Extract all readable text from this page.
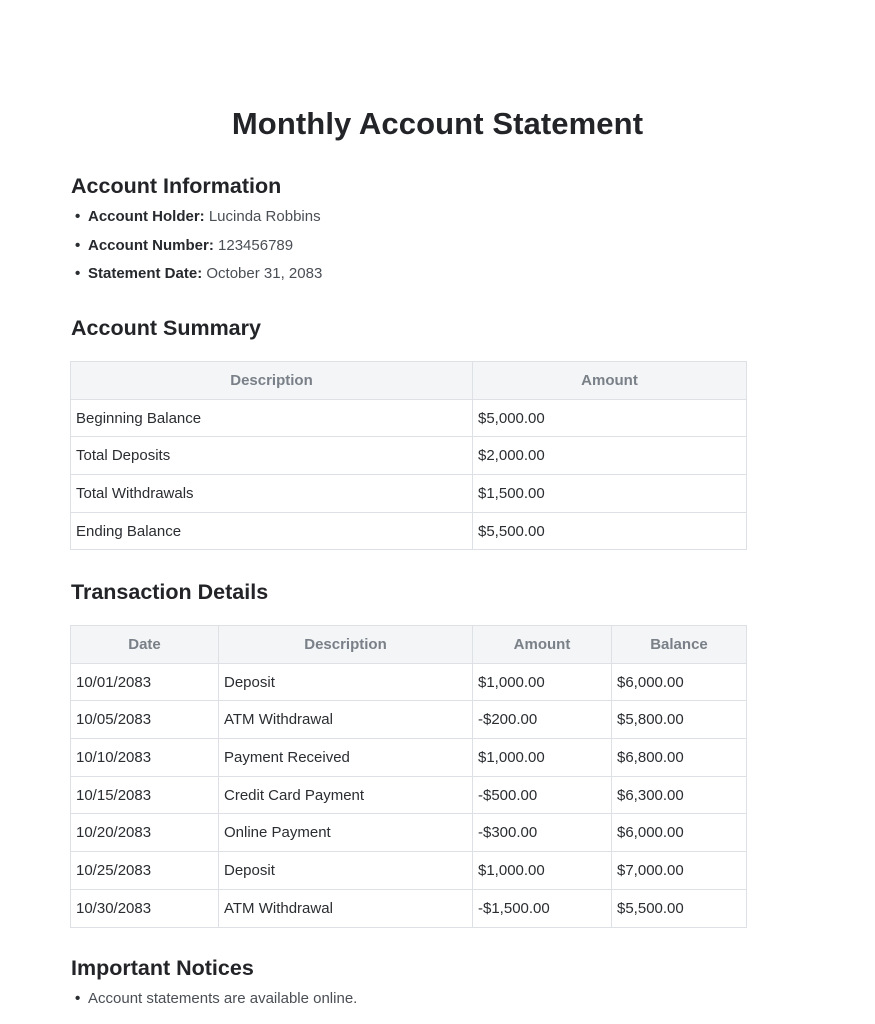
Monthly Account Statement
Account Information
• Account Holder: Lucinda Robbins
• Account Number: 123456789
• Statement Date: October 31, 2083
Account Summary
Description	Amount
Beginning Balance	$5,000.00
Total Deposits	$2,000.00
Total Withdrawals	$1,500.00
Ending Balance	$5,500.00
Transaction Details
Date	Description	Amount	Balance
10/01/2083	Deposit	$1,000.00	$6,000.00
10/05/2083	ATM Withdrawal	-$200.00	$5,800.00
10/10/2083	Payment Received	$1,000.00	$6,800.00
10/15/2083	Credit Card Payment	-$500.00	$6,300.00
10/20/2083	Online Payment	-$300.00	$6,000.00
10/25/2083	Deposit	$1,000.00	$7,000.00
10/30/2083	ATM Withdrawal	-$1,500.00	$5,500.00
Important Notices
• Account statements are available online.
